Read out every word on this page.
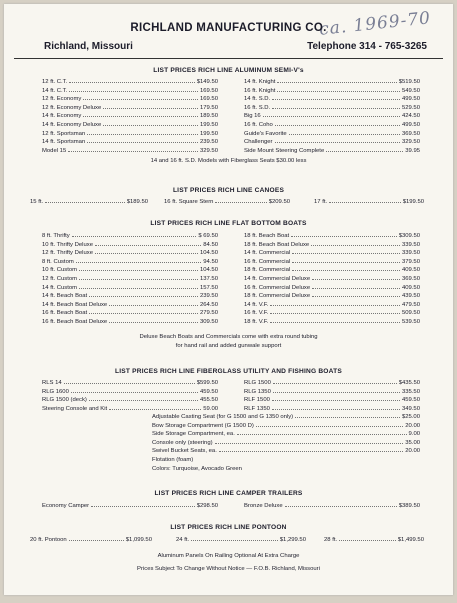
ca. 1969-70
RICHLAND MANUFACTURING CO.
Richland, Missouri	Telephone 314 - 765-3265
LIST PRICES RICH LINE ALUMINUM SEMI-V's
12 ft. C.T.	$149.50
14 ft. C.T.	169.50
12 ft. Economy	169.50
12 ft. Economy Deluxe	179.50
14 ft. Economy	189.50
14 ft. Economy Deluxe	199.50
12 ft. Sportsman	199.50
14 ft. Sportsman	239.50
Model 15	329.50
14 ft. Knight	$519.50
16 ft. Knight	549.50
14 ft. S.D.	499.50
16 ft. S.D.	529.50
Big 16	424.50
16 ft. Coho	499.50
Guide's Favorite	369.50
Challenger	329.50
Side Mount Steering Complete	39.95
14 and 16 ft. S.D. Models with Fiberglass Seats $30.00 less
LIST PRICES RICH LINE CANOES
15 ft.	$189.50	16 ft. Square Stern	$209.50	17 ft.	$199.50
LIST PRICES RICH LINE FLAT BOTTOM BOATS
8 ft. Thrifty	$ 69.50
10 ft. Thrifty Deluxe	84.50
12 ft. Thrifty Deluxe	104.50
8 ft. Custom	94.50
10 ft. Custom	104.50
12 ft. Custom	137.50
14 ft. Custom	157.50
14 ft. Beach Boat	239.50
14 ft. Beach Boat Deluxe	264.50
16 ft. Beach Boat	279.50
16 ft. Beach Boat Deluxe	309.50
18 ft. Beach Boat	$309.50
18 ft. Beach Boat Deluxe	339.50
14 ft. Commercial	339.50
16 ft. Commercial	379.50
18 ft. Commercial	409.50
14 ft. Commercial Deluxe	369.50
16 ft. Commercial Deluxe	409.50
18 ft. Commercial Deluxe	439.50
14 ft. V.F.	479.50
16 ft. V.F.	509.50
18 ft. V.F.	539.50
Deluxe Beach Boats and Commercials come with extra round tubing
for hand rail and added gunwale support
LIST PRICES RICH LINE FIBERGLASS UTILITY AND FISHING BOATS
RLS 14	$599.50
RLG 1600	459.50
RLG 1500 (deck)	455.50
Steering Console and Kit	59.00
RLG 1500	$435.50
RLG 1350	335.50
RLF 1500	459.50
RLF 1350	349.50
Adjustable Casting Seat (for G 1500 and G 1350 only)	$25.00
Bow Storage Compartment (G 1500 D)	20.00
Side Storage Compartment, ea.	9.00
Console only (steering)	35.00
Swivel Bucket Seats, ea.	20.00
Flotation (foam)
Colors: Turquoise, Avocado Green
LIST PRICES RICH LINE CAMPER TRAILERS
Economy Camper	$298.50	Bronze Deluxe	$389.50
LIST PRICES RICH LINE PONTOON
20 ft. Pontoon	$1,099.50	24 ft.	$1,299.50	28 ft.	$1,499.50
Aluminum Panels On Railing Optional At Extra Charge
Prices Subject To Change Without Notice — F.O.B. Richland, Missouri
